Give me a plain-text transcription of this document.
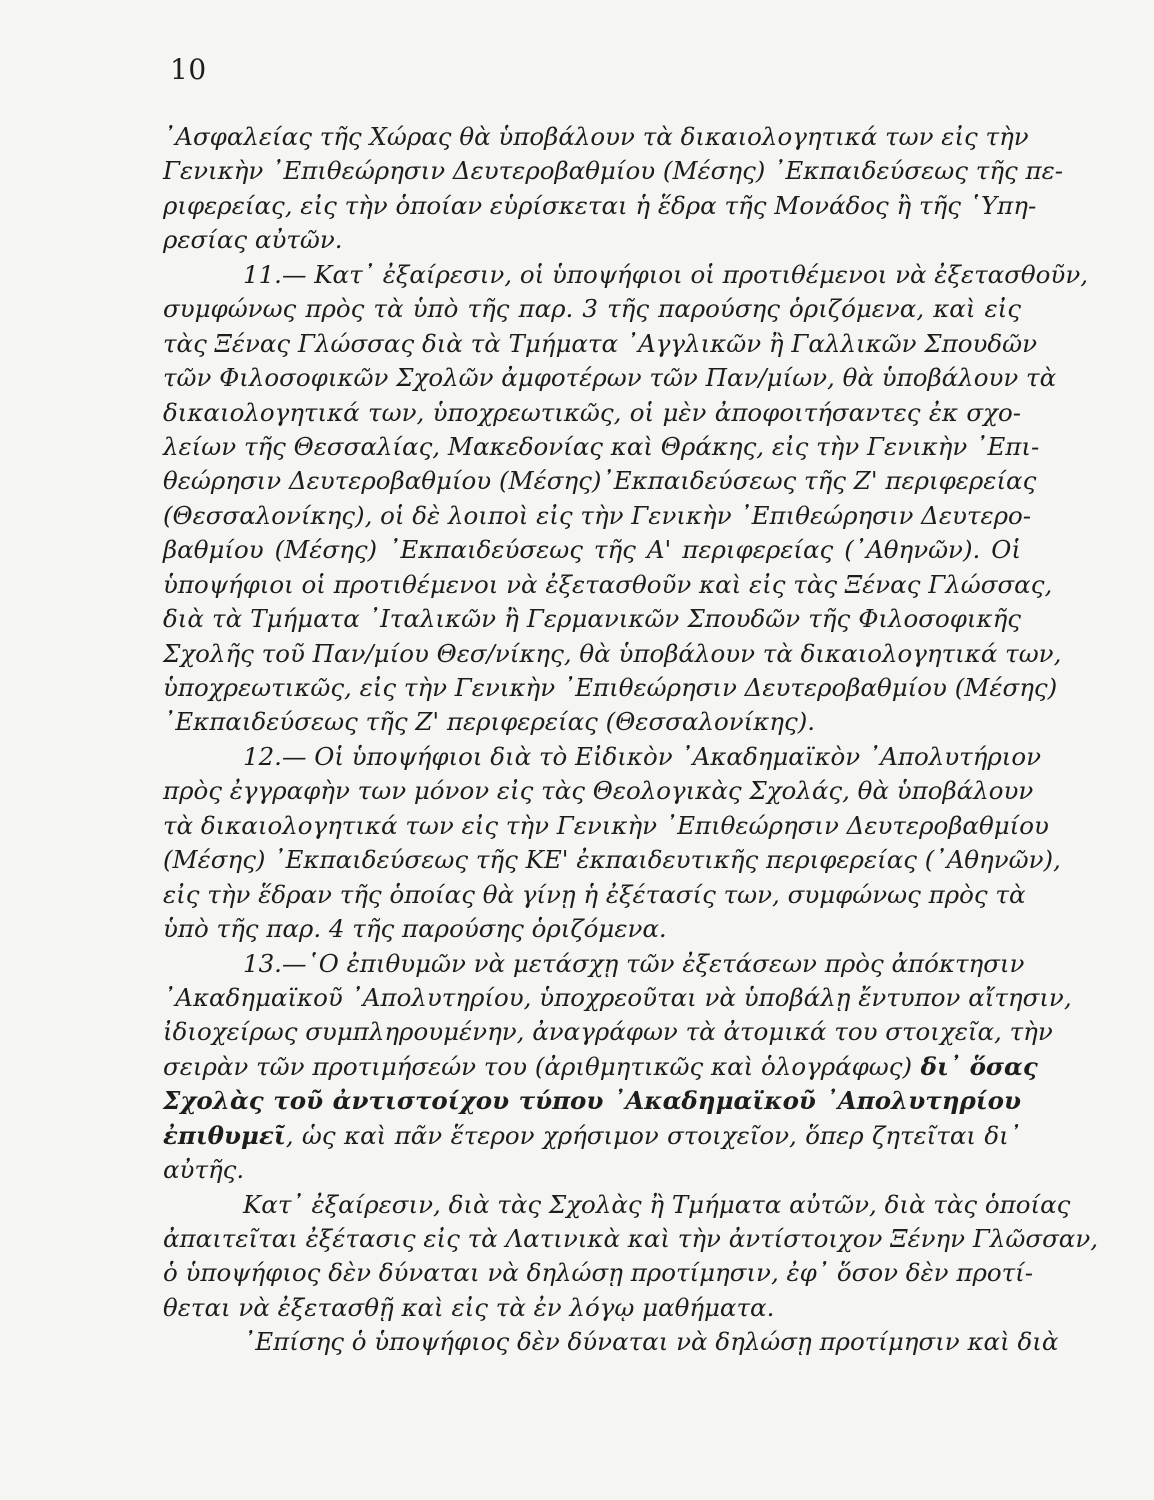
10
᾽Ασφαλείας τῆς Χώρας θὰ ὑποβάλουν τὰ δικαιολογητικά των εἰς τὴν
Γενικὴν ᾽Επιθεώρησιν Δευτεροβαθμίου (Μέσης) ᾽Εκπαιδεύσεως τῆς πε-
ριφερείας, εἰς τὴν ὁποίαν εὑρίσκεται ἡ ἕδρα τῆς Μονάδος ἢ τῆς ῾Υπη-
ρεσίας αὐτῶν.
11.— Κατ᾽ ἐξαίρεσιν, οἱ ὑποψήφιοι οἱ προτιθέμενοι νὰ ἐξετασθοῦν,
συμφώνως πρὸς τὰ ὑπὸ τῆς παρ. 3 τῆς παρούσης ὁριζόμενα, καὶ εἰς
τὰς Ξένας Γλώσσας διὰ τὰ Τμήματα ᾽Αγγλικῶν ἢ Γαλλικῶν Σπουδῶν
τῶν Φιλοσοφικῶν Σχολῶν ἀμφοτέρων τῶν Παν/μίων, θὰ ὑποβάλουν τὰ
δικαιολογητικά των, ὑποχρεωτικῶς, οἱ μὲν ἀποφοιτήσαντες ἐκ σχο-
λείων τῆς Θεσσαλίας, Μακεδονίας καὶ Θράκης, εἰς τὴν Γενικὴν ᾽Επι-
θεώρησιν Δευτεροβαθμίου (Μέσης)᾽Εκπαιδεύσεως τῆς Ζ' περιφερείας
(Θεσσαλονίκης), οἱ δὲ λοιποὶ εἰς τὴν Γενικὴν ᾽Επιθεώρησιν Δευτερο-
βαθμίου (Μέσης) ᾽Εκπαιδεύσεως τῆς Α' περιφερείας (᾽Αθηνῶν). Οἱ
ὑποψήφιοι οἱ προτιθέμενοι νὰ ἐξετασθοῦν καὶ εἰς τὰς Ξένας Γλώσσας,
διὰ τὰ Τμήματα ᾽Ιταλικῶν ἢ Γερμανικῶν Σπουδῶν τῆς Φιλοσοφικῆς
Σχολῆς τοῦ Παν/μίου Θεσ/νίκης, θὰ ὑποβάλουν τὰ δικαιολογητικά των,
ὑποχρεωτικῶς, εἰς τὴν Γενικὴν ᾽Επιθεώρησιν Δευτεροβαθμίου (Μέσης)
᾽Εκπαιδεύσεως τῆς Ζ' περιφερείας (Θεσσαλονίκης).
12.— Οἱ ὑποψήφιοι διὰ τὸ Εἰδικὸν ᾽Ακαδημαϊκὸν ᾽Απολυτήριον
πρὸς ἐγγραφὴν των μόνον εἰς τὰς Θεολογικὰς Σχολάς, θὰ ὑποβάλουν
τὰ δικαιολογητικά των εἰς τὴν Γενικὴν ᾽Επιθεώρησιν Δευτεροβαθμίου
(Μέσης) ᾽Εκπαιδεύσεως τῆς ΚΕ' ἐκπαιδευτικῆς περιφερείας (᾽Αθηνῶν),
εἰς τὴν ἕδραν τῆς ὁποίας θὰ γίνῃ ἡ ἐξέτασίς των, συμφώνως πρὸς τὰ
ὑπὸ τῆς παρ. 4 τῆς παρούσης ὁριζόμενα.
13.—῾Ο ἐπιθυμῶν νὰ μετάσχῃ τῶν ἐξετάσεων πρὸς ἀπόκτησιν
᾽Ακαδημαϊκοῦ ᾽Απολυτηρίου, ὑποχρεοῦται νὰ ὑποβάλῃ ἔντυπον αἴτησιν,
ἰδιοχείρως συμπληρουμένην, ἀναγράφων τὰ ἀτομικά του στοιχεῖα, τὴν
σειρὰν τῶν προτιμήσεών του (ἀριθμητικῶς καὶ ὁλογράφως) δι᾽ ὅσας
Σχολὰς τοῦ ἀντιστοίχου τύπου ᾽Ακαδημαϊκοῦ ᾽Απολυτηρίου
ἐπιθυμεῖ, ὡς καὶ πᾶν ἕτερον χρήσιμον στοιχεῖον, ὅπερ ζητεῖται δι᾽
αὐτῆς.
Κατ᾽ ἐξαίρεσιν, διὰ τὰς Σχολὰς ἢ Τμήματα αὐτῶν, διὰ τὰς ὁποίας
ἀπαιτεῖται ἐξέτασις εἰς τὰ Λατινικὰ καὶ τὴν ἀντίστοιχον Ξένην Γλῶσσαν,
ὁ ὑποψήφιος δὲν δύναται νὰ δηλώσῃ προτίμησιν, ἐφ᾽ ὅσον δὲν προτί-
θεται νὰ ἐξετασθῇ καὶ εἰς τὰ ἐν λόγῳ μαθήματα.
᾽Επίσης ὁ ὑποψήφιος δὲν δύναται νὰ δηλώσῃ προτίμησιν καὶ διὰ
